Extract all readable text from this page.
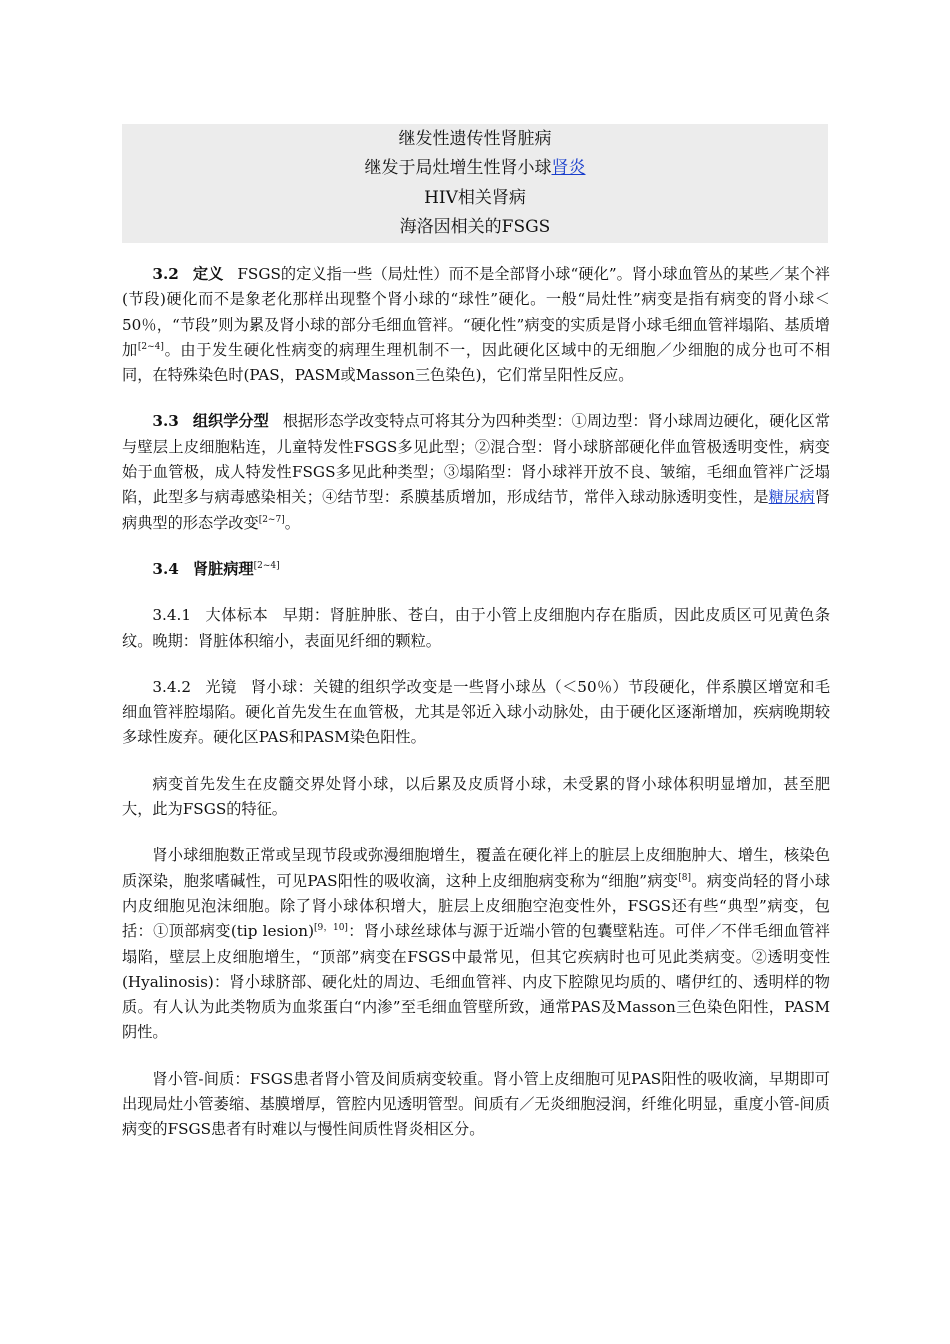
继发性遗传性肾脏病
继发于局灶增生性肾小球肾炎
HIV相关肾病
海洛因相关的FSGS

3.2 定义 FSGS的定义指一些（局灶性）而不是全部肾小球“硬化”。肾小球血管丛的某些／某个袢(节段)硬化而不是象老化那样出现整个肾小球的“球性”硬化。一般“局灶性”病变是指有病变的肾小球＜50％，“节段”则为累及肾小球的部分毛细血管袢。“硬化性”病变的实质是肾小球毛细血管袢塌陷、基质增加[2~4]。由于发生硬化性病变的病理生理机制不一，因此硬化区域中的无细胞／少细胞的成分也可不相同，在特殊染色时(PAS，PASM或Masson三色染色)，它们常呈阳性反应。

3.3 组织学分型 根据形态学改变特点可将其分为四种类型：①周边型：肾小球周边硬化，硬化区常与壁层上皮细胞粘连，儿童特发性FSGS多见此型；②混合型：肾小球脐部硬化伴血管极透明变性，病变始于血管极，成人特发性FSGS多见此种类型；③塌陷型：肾小球袢开放不良、皱缩，毛细血管袢广泛塌陷，此型多与病毒感染相关；④结节型：系膜基质增加，形成结节，常伴入球动脉透明变性，是糖尿病肾病典型的形态学改变[2~7]。

3.4 肾脏病理[2~4]

3.4.1 大体标本 早期：肾脏肿胀、苍白，由于小管上皮细胞内存在脂质，因此皮质区可见黄色条纹。晚期：肾脏体积缩小，表面见纤细的颗粒。

3.4.2 光镜 肾小球：关键的组织学改变是一些肾小球丛（＜50％）节段硬化，伴系膜区增宽和毛细血管袢腔塌陷。硬化首先发生在血管极，尤其是邻近入球小动脉处，由于硬化区逐渐增加，疾病晚期较多球性废弃。硬化区PAS和PASM染色阳性。

病变首先发生在皮髓交界处肾小球，以后累及皮质肾小球，未受累的肾小球体积明显增加，甚至肥大，此为FSGS的特征。

肾小球细胞数正常或呈现节段或弥漫细胞增生，覆盖在硬化袢上的脏层上皮细胞肿大、增生，核染色质深染，胞浆嗜碱性，可见PAS阳性的吸收滴，这种上皮细胞病变称为“细胞”病变[8]。病变尚轻的肾小球内皮细胞见泡沫细胞。除了肾小球体积增大，脏层上皮细胞空泡变性外，FSGS还有些“典型”病变，包括：①顶部病变(tip lesion)[9，10]：肾小球丝球体与源于近端小管的包囊壁粘连。可伴／不伴毛细血管袢塌陷，壁层上皮细胞增生，“顶部”病变在FSGS中最常见，但其它疾病时也可见此类病变。②透明变性(Hyalinosis)：肾小球脐部、硬化灶的周边、毛细血管袢、内皮下腔隙见均质的、嗜伊红的、透明样的物质。有人认为此类物质为血浆蛋白“内渗”至毛细血管壁所致，通常PAS及Masson三色染色阳性，PASM阴性。

肾小管-间质：FSGS患者肾小管及间质病变较重。肾小管上皮细胞可见PAS阳性的吸收滴，早期即可出现局灶小管萎缩、基膜增厚，管腔内见透明管型。间质有／无炎细胞浸润，纤维化明显，重度小管-间质病变的FSGS患者有时难以与慢性间质性肾炎相区分。
